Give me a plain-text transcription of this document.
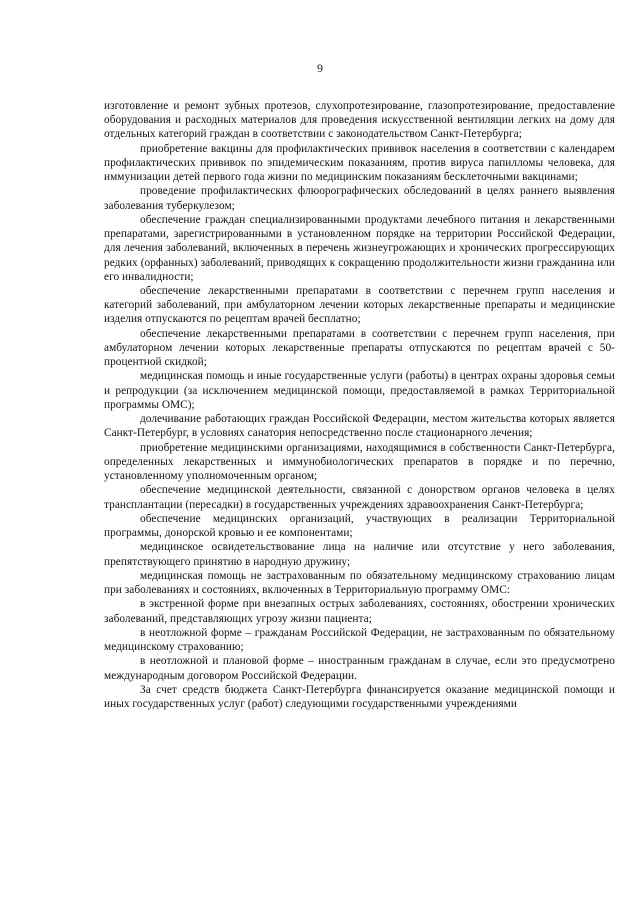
9

изготовление и ремонт зубных протезов, слухопротезирование, глазопротезирование, предоставление оборудования и расходных материалов для проведения искусственной вентиляции легких на дому для отдельных категорий граждан в соответствии с законодательством Санкт-Петербурга;

приобретение вакцины для профилактических прививок населения в соответствии с календарем профилактических прививок по эпидемическим показаниям, против вируса папилломы человека, для иммунизации детей первого года жизни по медицинским показаниям бесклеточными вакцинами;

проведение профилактических флюорографических обследований в целях раннего выявления заболевания туберкулезом;

обеспечение граждан специализированными продуктами лечебного питания и лекарственными препаратами, зарегистрированными в установленном порядке на территории Российской Федерации, для лечения заболеваний, включенных в перечень жизнеугрожающих и хронических прогрессирующих редких (орфанных) заболеваний, приводящих к сокращению продолжительности жизни гражданина или его инвалидности;

обеспечение лекарственными препаратами в соответствии с перечнем групп населения и категорий заболеваний, при амбулаторном лечении которых лекарственные препараты и медицинские изделия отпускаются по рецептам врачей бесплатно;

обеспечение лекарственными препаратами в соответствии с перечнем групп населения, при амбулаторном лечении которых лекарственные препараты отпускаются по рецептам врачей с 50-процентной скидкой;

медицинская помощь и иные государственные услуги (работы) в центрах охраны здоровья семьи и репродукции (за исключением медицинской помощи, предоставляемой в рамках Территориальной программы ОМС);

долечивание работающих граждан Российской Федерации, местом жительства которых является Санкт-Петербург, в условиях санатория непосредственно после стационарного лечения;

приобретение медицинскими организациями, находящимися в собственности Санкт-Петербурга, определенных лекарственных и иммунобиологических препаратов в порядке и по перечню, установленному уполномоченным органом;

обеспечение медицинской деятельности, связанной с донорством органов человека в целях трансплантации (пересадки) в государственных учреждениях здравоохранения Санкт-Петербурга;

обеспечение медицинских организаций, участвующих в реализации Территориальной программы, донорской кровью и ее компонентами;

медицинское освидетельствование лица на наличие или отсутствие у него заболевания, препятствующего принятию в народную дружину;

медицинская помощь не застрахованным по обязательному медицинскому страхованию лицам при заболеваниях и состояниях, включенных в Территориальную программу ОМС:

в экстренной форме при внезапных острых заболеваниях, состояниях, обострении хронических заболеваний, представляющих угрозу жизни пациента;

в неотложной форме – гражданам Российской Федерации, не застрахованным по обязательному медицинскому страхованию;

в неотложной и плановой форме – иностранным гражданам в случае, если это предусмотрено международным договором Российской Федерации.

За счет средств бюджета Санкт-Петербурга финансируется оказание медицинской помощи и иных государственных услуг (работ) следующими государственными учреждениями
